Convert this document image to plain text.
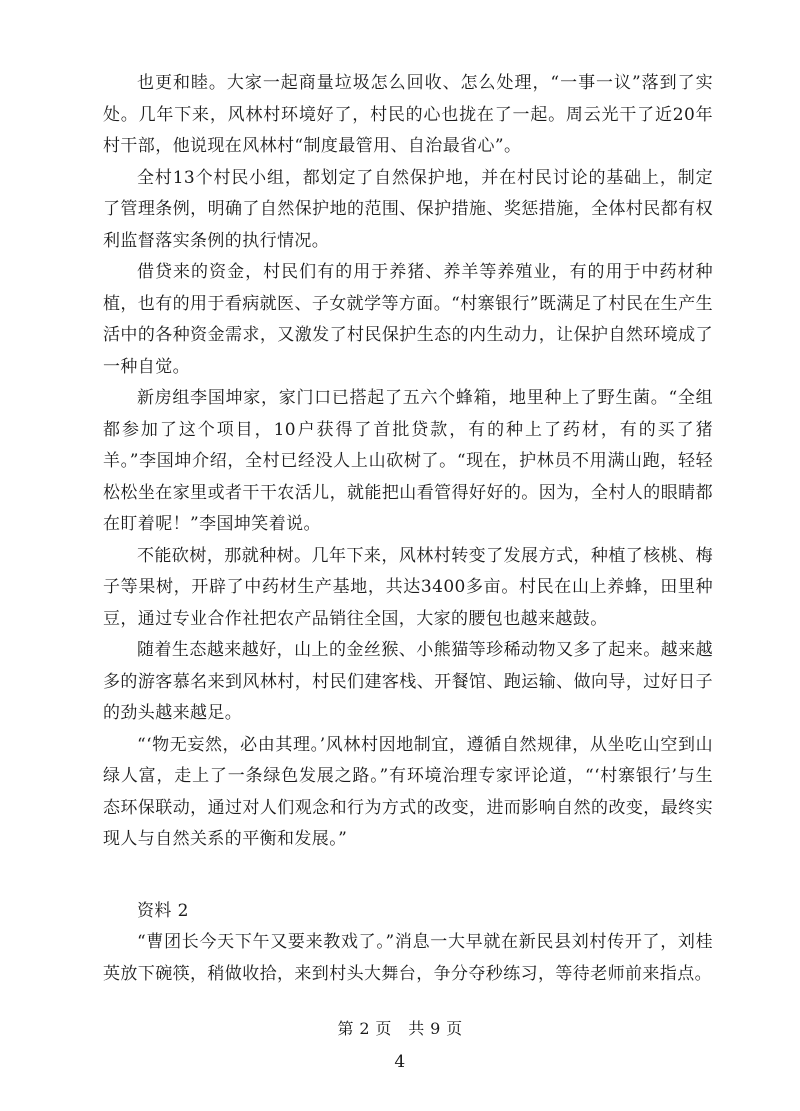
也更和睦。大家一起商量垃圾怎么回收、怎么处理，“一事一议”落到了实处。几年下来，风林村环境好了，村民的心也拢在了一起。周云光干了近20年村干部，他说现在风林村“制度最管用、自治最省心”。

全村13个村民小组，都划定了自然保护地，并在村民讨论的基础上，制定了管理条例，明确了自然保护地的范围、保护措施、奖惩措施，全体村民都有权利监督落实条例的执行情况。

借贷来的资金，村民们有的用于养猪、养羊等养殖业，有的用于中药材种植，也有的用于看病就医、子女就学等方面。“村寨银行”既满足了村民在生产生活中的各种资金需求，又激发了村民保护生态的内生动力，让保护自然环境成了一种自觉。

新房组李国坤家，家门口已搭起了五六个蜂箱，地里种上了野生菌。“全组都参加了这个项目，10户获得了首批贷款，有的种上了药材，有的买了猪羊。”李国坤介绍，全村已经没人上山砍树了。“现在，护林员不用满山跑，轻轻松松坐在家里或者干干农活儿，就能把山看管得好好的。因为，全村人的眼睛都在盯着呢！”李国坤笑着说。

不能砍树，那就种树。几年下来，风林村转变了发展方式，种植了核桃、梅子等果树，开辟了中药材生产基地，共达3400多亩。村民在山上养蜂，田里种豆，通过专业合作社把农产品销往全国，大家的腰包也越来越鼓。

随着生态越来越好，山上的金丝猴、小熊猫等珍稀动物又多了起来。越来越多的游客慕名来到风林村，村民们建客栈、开餐馆、跑运输、做向导，过好日子的劲头越来越足。

“‘物无妄然，必由其理。’风林村因地制宜，遵循自然规律，从坐吃山空到山绿人富，走上了一条绿色发展之路。”有环境治理专家评论道，“‘村寨银行’与生态环保联动，通过对人们观念和行为方式的改变，进而影响自然的改变，最终实现人与自然关系的平衡和发展。”

资料 2

“曹团长今天下午又要来教戏了。”消息一大早就在新民县刘村传开了，刘桂英放下碗筷，稍做收拾，来到村头大舞台，争分夺秒练习，等待老师前来指点。

第 2 页　共 9 页
4
